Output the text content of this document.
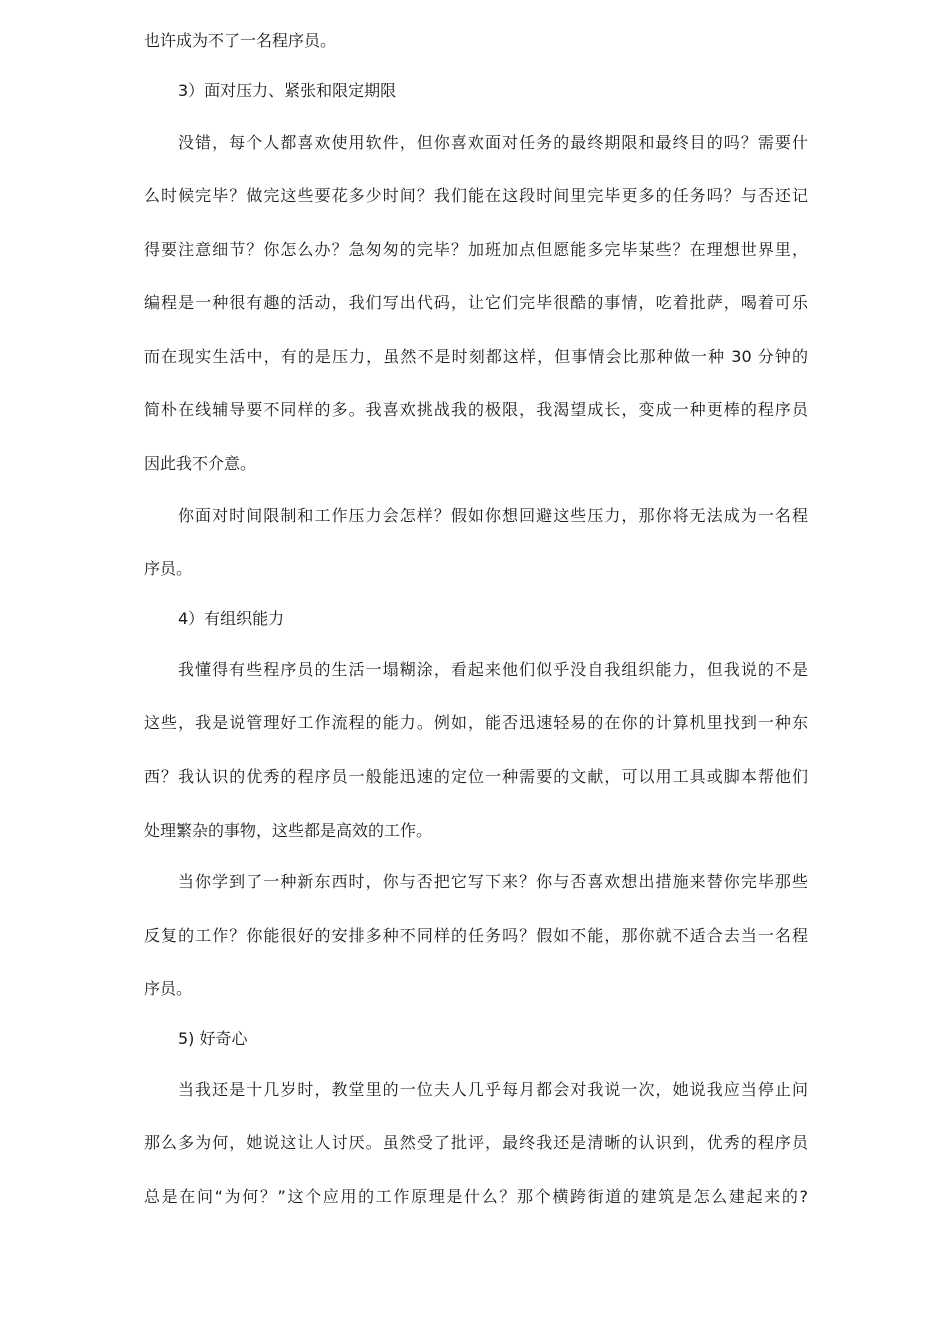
也许成为不了一名程序员。
3）面对压力、紧张和限定期限
没错，每个人都喜欢使用软件，但你喜欢面对任务的最终期限和最终目的吗？需要什
么时候完毕？做完这些要花多少时间？我们能在这段时间里完毕更多的任务吗？与否还记
得要注意细节？你怎么办？急匆匆的完毕？加班加点但愿能多完毕某些？在理想世界里，
编程是一种很有趣的活动，我们写出代码，让它们完毕很酷的事情，吃着批萨，喝着可乐
而在现实生活中，有的是压力，虽然不是时刻都这样，但事情会比那种做一种 30 分钟的
简朴在线辅导要不同样的多。我喜欢挑战我的极限，我渴望成长，变成一种更棒的程序员
因此我不介意。
你面对时间限制和工作压力会怎样？假如你想回避这些压力，那你将无法成为一名程
序员。
4）有组织能力
我懂得有些程序员的生活一塌糊涂，看起来他们似乎没自我组织能力，但我说的不是
这些，我是说管理好工作流程的能力。例如，能否迅速轻易的在你的计算机里找到一种东
西？我认识的优秀的程序员一般能迅速的定位一种需要的文献，可以用工具或脚本帮他们
处理繁杂的事物，这些都是高效的工作。
当你学到了一种新东西时，你与否把它写下来？你与否喜欢想出措施来替你完毕那些
反复的工作？你能很好的安排多种不同样的任务吗？假如不能，那你就不适合去当一名程
序员。
5) 好奇心
当我还是十几岁时，教堂里的一位夫人几乎每月都会对我说一次，她说我应当停止问
那么多为何，她说这让人讨厌。虽然受了批评，最终我还是清晰的认识到，优秀的程序员
总是在问“为何？”这个应用的工作原理是什么？那个横跨街道的建筑是怎么建起来的?
